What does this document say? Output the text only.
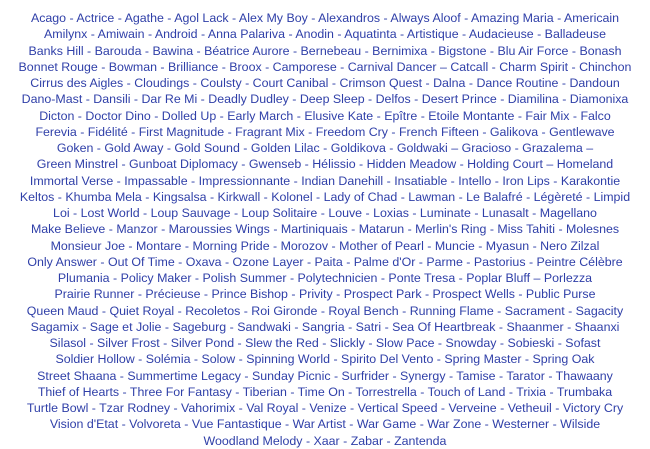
Acago - Actrice - Agathe - Agol Lack - Alex My Boy - Alexandros - Always Aloof - Amazing Maria - Americain
Amilynx - Amiwain - Android - Anna Palariva - Anodin - Aquatinta - Artistique - Audacieuse - Balladeuse
Banks Hill - Barouda - Bawina - Béatrice Aurore - Bernebeau - Bernimixa - Bigstone - Blu Air Force - Bonash
Bonnet Rouge - Bowman - Brilliance - Broox - Camporese - Carnival Dancer – Catcall - Charm Spirit - Chinchon
Cirrus des Aigles - Cloudings - Coulsty - Court Canibal - Crimson Quest - Dalna - Dance Routine - Dandoun
Dano-Mast - Dansili - Dar Re Mi - Deadly Dudley - Deep Sleep - Delfos - Desert Prince - Diamilina - Diamonixa
Dicton - Doctor Dino - Dolled Up - Early March - Elusive Kate - Epître - Etoile Montante - Fair Mix - Falco
Ferevia - Fidélité - First Magnitude - Fragrant Mix - Freedom Cry - French Fifteen - Galikova - Gentlewave
Goken - Gold Away - Gold Sound - Golden Lilac - Goldikova - Goldwaki – Gracioso - Grazalema –
Green Minstrel - Gunboat Diplomacy - Gwenseb - Hélissio - Hidden Meadow - Holding Court – Homeland
Immortal Verse - Impassable - Impressionnante - Indian Danehill - Insatiable - Intello - Iron Lips - Karakontie
Keltos - Khumba Mela - Kingsalsa - Kirkwall - Kolonel - Lady of Chad - Lawman - Le Balafré - Légèreté - Limpid
Loi - Lost World - Loup Sauvage - Loup Solitaire - Louve - Loxias - Luminate - Lunasalt - Magellano
Make Believe - Manzor - Maroussies Wings - Martiniquais - Matarun - Merlin's Ring - Miss Tahiti - Molesnes
Monsieur Joe - Montare - Morning Pride - Morozov - Mother of Pearl - Muncie - Myasun - Nero Zilzal
Only Answer - Out Of Time - Oxava - Ozone Layer - Paita - Palme d'Or - Parme - Pastorius - Peintre Célèbre
Plumania - Policy Maker - Polish Summer - Polytechnicien - Ponte Tresa - Poplar Bluff – Porlezza
Prairie Runner - Précieuse - Prince Bishop - Privity - Prospect Park - Prospect Wells - Public Purse
Queen Maud - Quiet Royal - Recoletos - Roi Gironde - Royal Bench - Running Flame - Sacrament - Sagacity
Sagamix - Sage et Jolie - Sageburg - Sandwaki - Sangria - Satri - Sea Of Heartbreak - Shaanmer - Shaanxi
Silasol - Silver Frost - Silver Pond - Slew the Red - Slickly - Slow Pace - Snowday - Sobieski - Sofast
Soldier Hollow - Solémia - Solow - Spinning World - Spirito Del Vento - Spring Master - Spring Oak
Street Shaana - Summertime Legacy - Sunday Picnic - Surfrider - Synergy - Tamise - Tarator - Thawaany
Thief of Hearts - Three For Fantasy - Tiberian - Time On - Torrestrella - Touch of Land - Trixia - Trumbaka
Turtle Bowl - Tzar Rodney - Vahorimix - Val Royal - Venize - Vertical Speed - Verveine - Vetheuil - Victory Cry
Vision d'Etat - Volvoreta - Vue Fantastique - War Artist - War Game - War Zone - Westerner - Wilside
Woodland Melody - Xaar - Zabar - Zantenda
